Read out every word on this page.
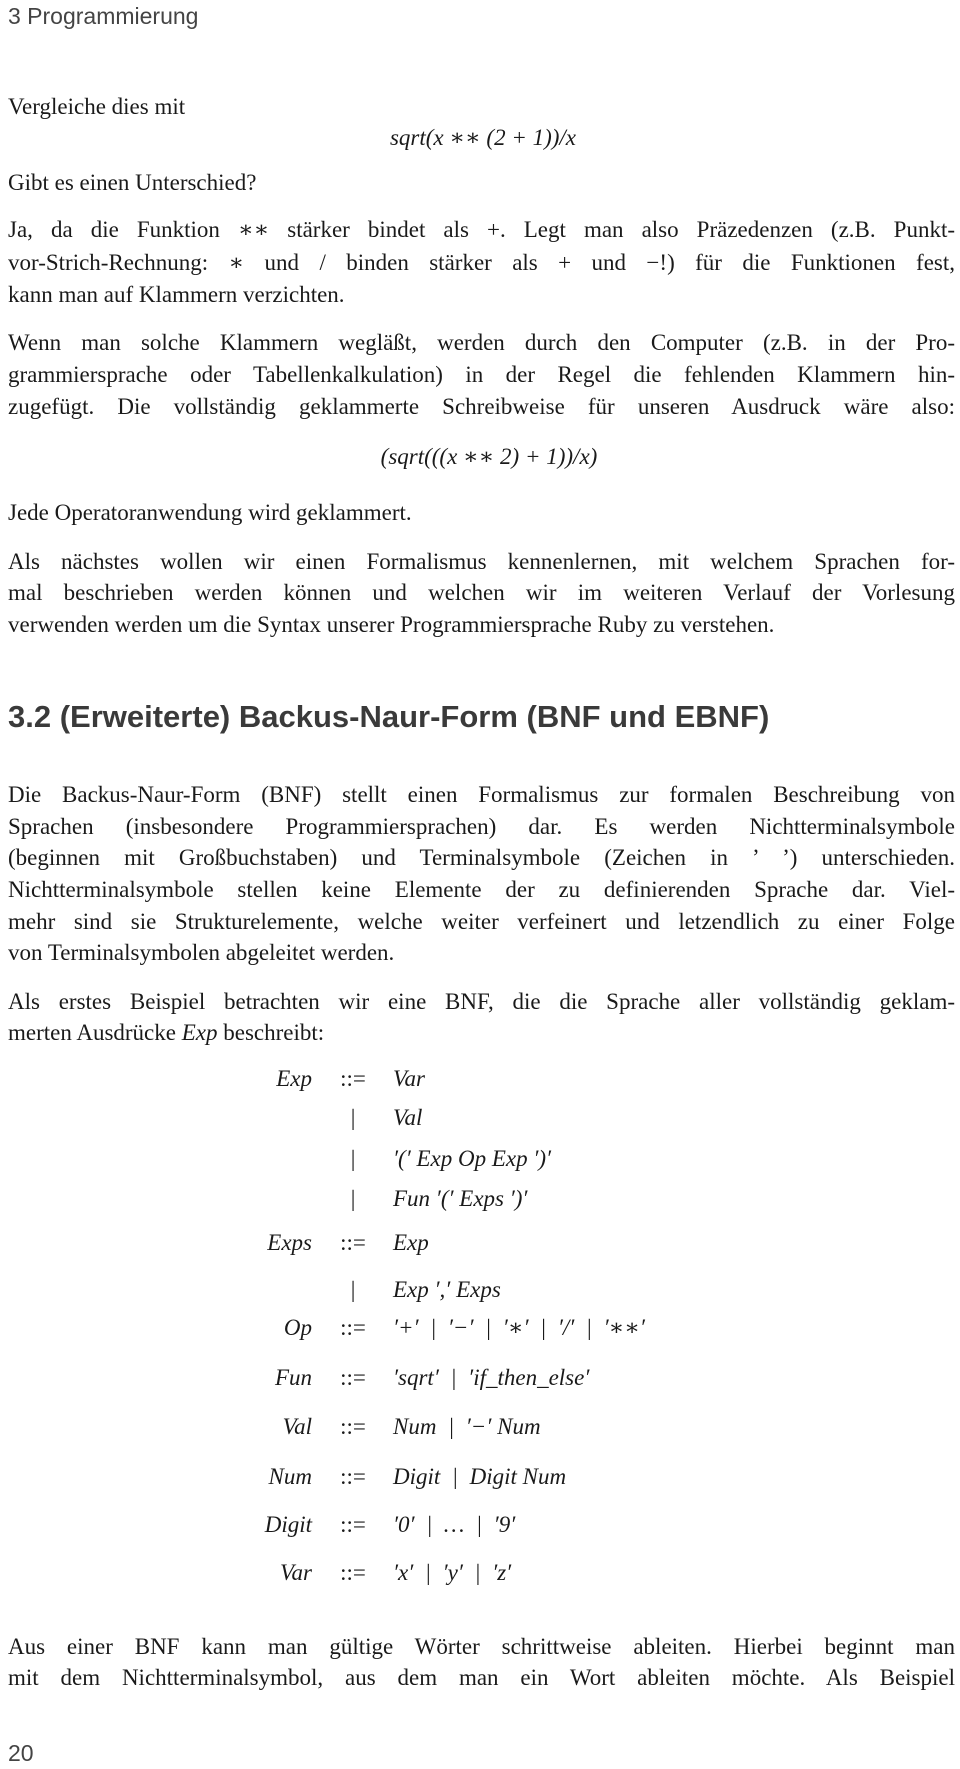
3 Programmierung
Vergleiche dies mit
sqrt(x ∗∗ (2 + 1))/x
Gibt es einen Unterschied?
Ja, da die Funktion ∗∗ stärker bindet als +. Legt man also Präzedenzen (z.B. Punkt-
vor-Strich-Rechnung: ∗ und / binden stärker als + und −!) für die Funktionen fest,
kann man auf Klammern verzichten.
Wenn man solche Klammern wegläßt, werden durch den Computer (z.B. in der Pro-
grammiersprache oder Tabellenkalkulation) in der Regel die fehlenden Klammern hin-
zugefügt. Die vollständig geklammerte Schreibweise für unseren Ausdruck wäre also:
(sqrt(((x ∗∗ 2) + 1))/x)
Jede Operatoranwendung wird geklammert.
Als nächstes wollen wir einen Formalismus kennenlernen, mit welchem Sprachen for-
mal beschrieben werden können und welchen wir im weiteren Verlauf der Vorlesung
verwenden werden um die Syntax unserer Programmiersprache Ruby zu verstehen.
3.2 (Erweiterte) Backus-Naur-Form (BNF und EBNF)
Die Backus-Naur-Form (BNF) stellt einen Formalismus zur formalen Beschreibung von
Sprachen (insbesondere Programmiersprachen) dar. Es werden Nichtterminalsymbole
(beginnen mit Großbuchstaben) und Terminalsymbole (Zeichen in ’ ’) unterschieden.
Nichtterminalsymbole stellen keine Elemente der zu definierenden Sprache dar. Viel-
mehr sind sie Strukturelemente, welche weiter verfeinert und letzendlich zu einer Folge
von Terminalsymbolen abgeleitet werden.
Als erstes Beispiel betrachten wir eine BNF, die die Sprache aller vollständig geklam-
merten Ausdrücke Exp beschreibt:
Exp	::=	Var
|	Val
|	′(′ Exp Op Exp ′)′
|	Fun ′(′ Exps ′)′
Exps	::=	Exp
|	Exp ′,′ Exps
Op	::=	′+′  |  ′−′  |  ′∗′  |  ′/′  |  ′∗∗′
Fun	::=	′sqrt′  |  ′if_then_else′
Val	::=	Num  |  ′−′ Num
Num	::=	Digit  |  Digit Num
Digit	::=	′0′  |  …  |  ′9′
Var	::=	′x′  |  ′y′  |  ′z′
Aus einer BNF kann man gültige Wörter schrittweise ableiten. Hierbei beginnt man
mit dem Nichtterminalsymbol, aus dem man ein Wort ableiten möchte. Als Beispiel
20
